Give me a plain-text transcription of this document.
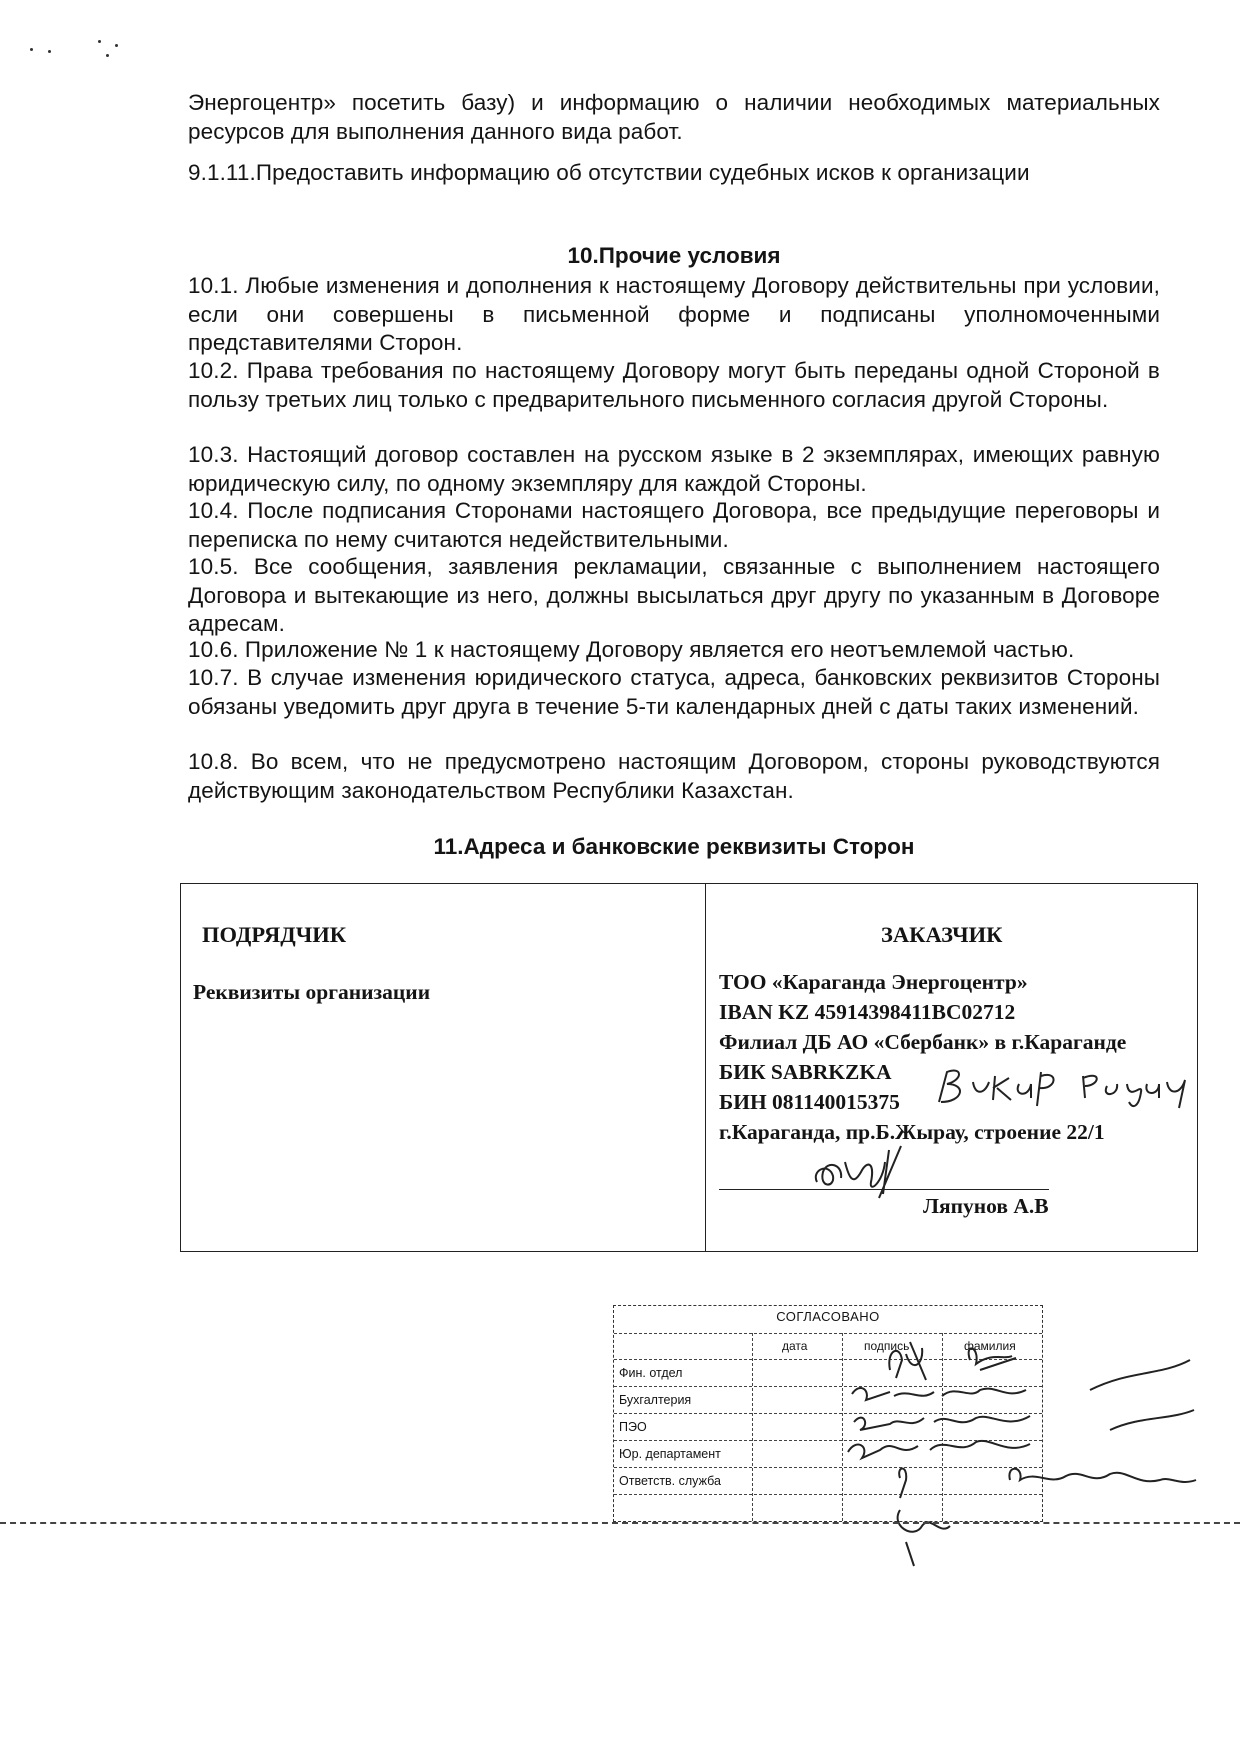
Энергоцентр» посетить базу) и информацию о наличии необходимых материальных ресурсов для выполнения данного вида работ.
9.1.11.Предоставить информацию об отсутствии судебных исков к организации
10.Прочие условия
10.1. Любые изменения и дополнения к настоящему Договору действительны при условии, если они совершены в письменной форме и подписаны уполномоченными представителями Сторон.
10.2. Права требования по настоящему Договору могут быть переданы одной Стороной в пользу третьих лиц только с предварительного письменного согласия другой Стороны.
10.3. Настоящий договор составлен на русском языке в 2 экземплярах, имеющих равную юридическую силу, по одному экземпляру для каждой Стороны.
10.4. После подписания Сторонами настоящего Договора, все предыдущие переговоры и переписка по нему считаются недействительными.
10.5. Все сообщения, заявления рекламации, связанные с выполнением настоящего Договора и вытекающие из него, должны высылаться друг другу по указанным в Договоре адресам.
10.6. Приложение № 1 к настоящему Договору является его неотъемлемой частью.
10.7. В случае изменения юридического статуса, адреса, банковских реквизитов Стороны обязаны уведомить друг друга в течение 5-ти календарных дней с даты таких изменений.
10.8. Во всем, что не предусмотрено настоящим Договором, стороны руководствуются действующим законодательством Республики Казахстан.
11.Адреса и банковские реквизиты Сторон
ПОДРЯДЧИК
Реквизиты организации
ЗАКАЗЧИК
ТОО «Караганда Энергоцентр»
IBAN KZ 45914398411BC02712
Филиал ДБ АО «Сбербанк» в г.Караганде
БИК SABRKZKA
БИН 081140015375
г.Караганда, пр.Б.Жырау, строение 22/1
Ляпунов А.В
СОГЛАСОВАНО
дата	подпись	фамилия
Фин. отдел
Бухгалтерия
ПЭО
Юр. департамент
Ответств. служба
